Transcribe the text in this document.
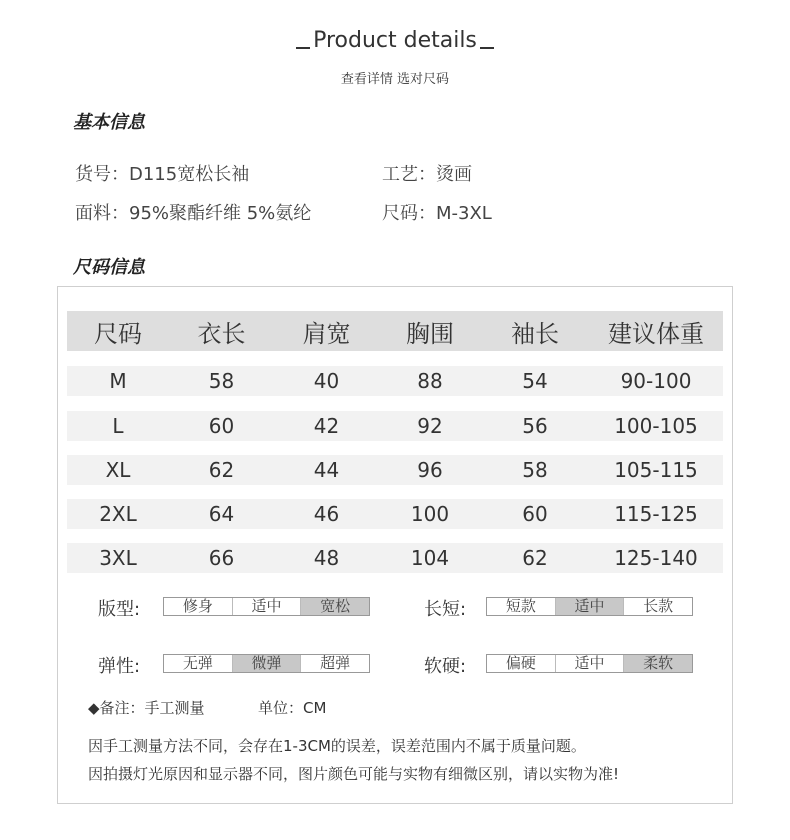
Product details
查看详情 选对尺码
基本信息
货号：D115宽松长袖	工艺：烫画
面料：95%聚酯纤维 5%氨纶	尺码：M-3XL
尺码信息
尺码	衣长	肩宽	胸围	袖长	建议体重
M	58	40	88	54	90-100
L	60	42	92	56	100-105
XL	62	44	96	58	105-115
2XL	64	46	100	60	115-125
3XL	66	48	104	62	125-140
版型:	修身	适中	宽松	长短:	短款	适中	长款
弹性:	无弹	微弹	超弹	软硬:	偏硬	适中	柔软
◆备注：手工测量	单位：CM
因手工测量方法不同，会存在1-3CM的误差，误差范围内不属于质量问题。
因拍摄灯光原因和显示器不同，图片颜色可能与实物有细微区别，请以实物为准!
